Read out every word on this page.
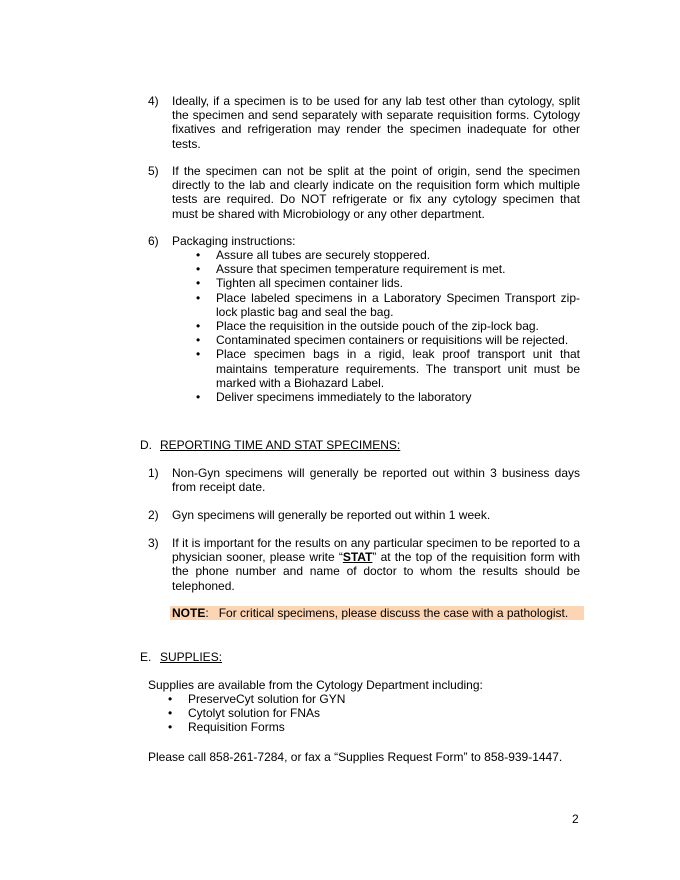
4) Ideally, if a specimen is to be used for any lab test other than cytology, split the specimen and send separately with separate requisition forms. Cytology fixatives and refrigeration may render the specimen inadequate for other tests.
5) If the specimen can not be split at the point of origin, send the specimen directly to the lab and clearly indicate on the requisition form which multiple tests are required. Do NOT refrigerate or fix any cytology specimen that must be shared with Microbiology or any other department.
6) Packaging instructions:
• Assure all tubes are securely stoppered.
• Assure that specimen temperature requirement is met.
• Tighten all specimen container lids.
• Place labeled specimens in a Laboratory Specimen Transport zip-lock plastic bag and seal the bag.
• Place the requisition in the outside pouch of the zip-lock bag.
• Contaminated specimen containers or requisitions will be rejected.
• Place specimen bags in a rigid, leak proof transport unit that maintains temperature requirements. The transport unit must be marked with a Biohazard Label.
• Deliver specimens immediately to the laboratory
D. REPORTING TIME AND STAT SPECIMENS:
1) Non-Gyn specimens will generally be reported out within 3 business days from receipt date.
2) Gyn specimens will generally be reported out within 1 week.
3) If it is important for the results on any particular specimen to be reported to a physician sooner, please write “STAT” at the top of the requisition form with the phone number and name of doctor to whom the results should be telephoned.
NOTE: For critical specimens, please discuss the case with a pathologist.
E. SUPPLIES:
Supplies are available from the Cytology Department including:
• PreserveCyt solution for GYN
• Cytolyt solution for FNAs
• Requisition Forms
Please call 858-261-7284, or fax a “Supplies Request Form” to 858-939-1447.
2
